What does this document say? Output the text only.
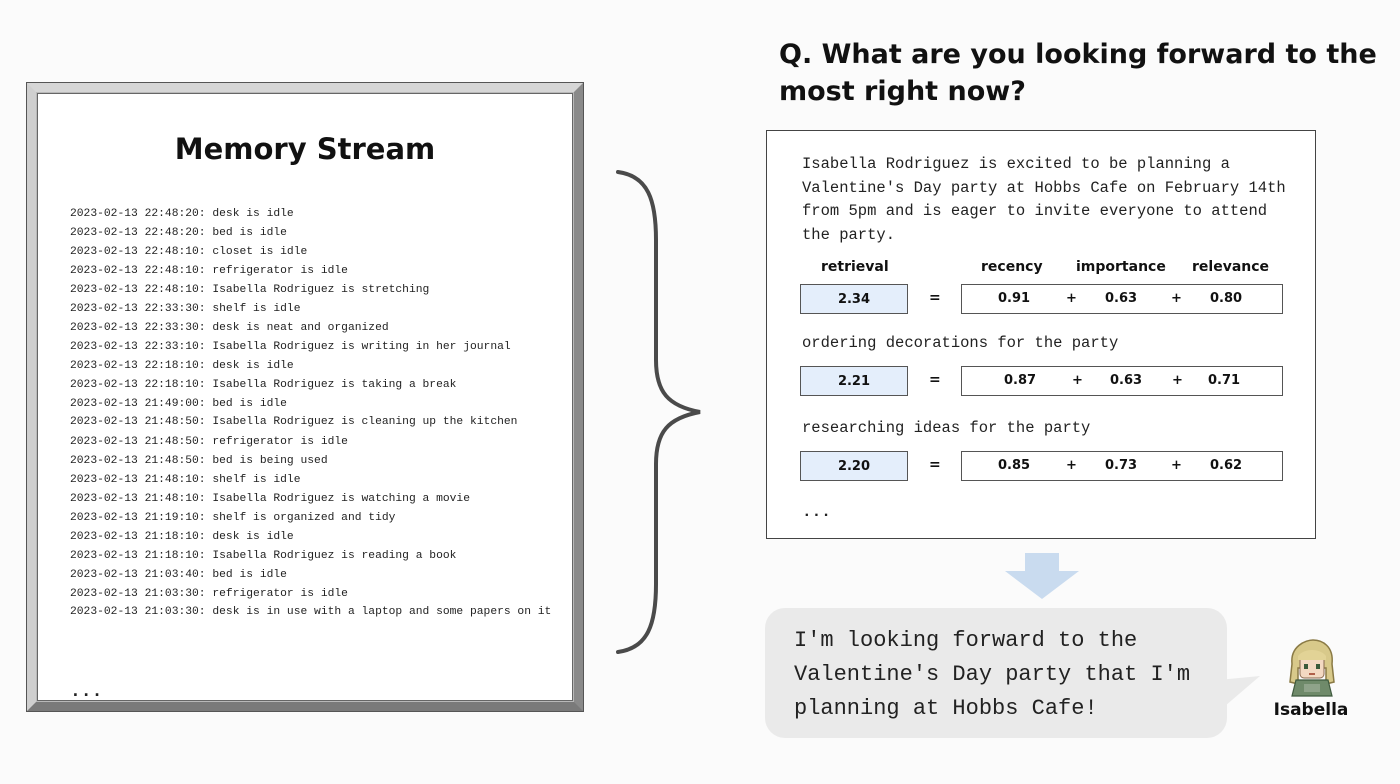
Memory Stream
2023-02-13 22:48:20: desk is idle
2023-02-13 22:48:20: bed is idle
2023-02-13 22:48:10: closet is idle
2023-02-13 22:48:10: refrigerator is idle
2023-02-13 22:48:10: Isabella Rodriguez is stretching
2023-02-13 22:33:30: shelf is idle
2023-02-13 22:33:30: desk is neat and organized
2023-02-13 22:33:10: Isabella Rodriguez is writing in her journal
2023-02-13 22:18:10: desk is idle
2023-02-13 22:18:10: Isabella Rodriguez is taking a break
2023-02-13 21:49:00: bed is idle
2023-02-13 21:48:50: Isabella Rodriguez is cleaning up the kitchen
2023-02-13 21:48:50: refrigerator is idle
2023-02-13 21:48:50: bed is being used
2023-02-13 21:48:10: shelf is idle
2023-02-13 21:48:10: Isabella Rodriguez is watching a movie
2023-02-13 21:19:10: shelf is organized and tidy
2023-02-13 21:18:10: desk is idle
2023-02-13 21:18:10: Isabella Rodriguez is reading a book
2023-02-13 21:03:40: bed is idle
2023-02-13 21:03:30: refrigerator is idle
2023-02-13 21:03:30: desk is in use with a laptop and some papers on it
...
Q. What are you looking forward to the most right now?
Isabella Rodriguez is excited to be planning a Valentine's Day party at Hobbs Cafe on February 14th from 5pm and is eager to invite everyone to attend the party.
retrieval	recency importance relevance
2.34	=	0.91	+ 0.63	+ 0.80
ordering decorations for the party
2.21	=	0.87	+ 0.63 + 0.71
researching ideas for the party
2.20	=	0.85	+ 0.73	+ 0.62
...
I'm looking forward to the Valentine's Day party that I'm planning at Hobbs Cafe!	Isabella
